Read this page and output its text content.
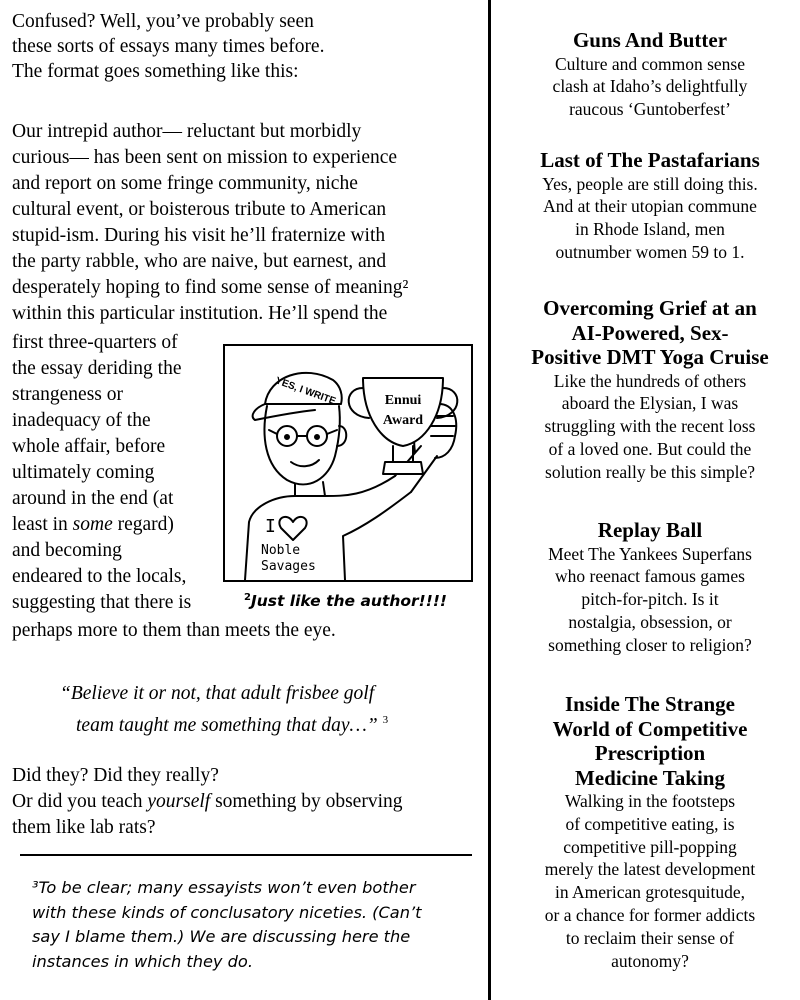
Confused? Well, you’ve probably seen

these sorts of essays many times before.

The format goes something like this:

Our intrepid author— reluctant but morbidly

curious— has been sent on mission to experience

and report on some fringe community, niche

cultural event, or boisterous tribute to American

stupid-ism. During his visit he’ll fraternize with

the party rabble, who are naive, but earnest, and

desperately hoping to find some sense of meaning²

within this particular institution. He’ll spend the

first three-quarters of

the essay deriding the

strangeness or

inadequacy of the

whole affair, before

ultimately coming

around in the end (at

least in some regard)

and becoming

endeared to the locals,

suggesting that there is

perhaps more to them than meets the eye.

“Believe it or not, that adult frisbee golf
team taught me something that day…” $^3$

Did they? Did they really?

Or did you teach yourself something by observing

them like lab rats?

³To be clear; many essayists won’t even bother
with these kinds of conclusatory niceties. (Can’t
say I blame them.) We are discussing here the
instances in which they do.

YES, I WRITE	Ennui
Award
I
Noble
Savages

$^2$Just like the author!!!!

Guns And Butter

Culture and common sense

clash at Idaho’s delightfully

raucous ‘Guntoberfest’

Last of The Pastafarians

Yes, people are still doing this.

And at their utopian commune

in Rhode Island, men

outnumber women 59 to 1.

Overcoming Grief at an

AI-Powered, Sex-

Positive DMT Yoga Cruise

Like the hundreds of others

aboard the Elysian, I was

struggling with the recent loss

of a loved one. But could the

solution really be this simple?

Replay Ball

Meet The Yankees Superfans

who reenact famous games

pitch-for-pitch. Is it

nostalgia, obsession, or

something closer to religion?

Inside The Strange

World of Competitive

Prescription

Medicine Taking

Walking in the footsteps

of competitive eating, is

competitive pill-popping

merely the latest development

in American grotesquitude,

or a chance for former addicts

to reclaim their sense of

autonomy?
